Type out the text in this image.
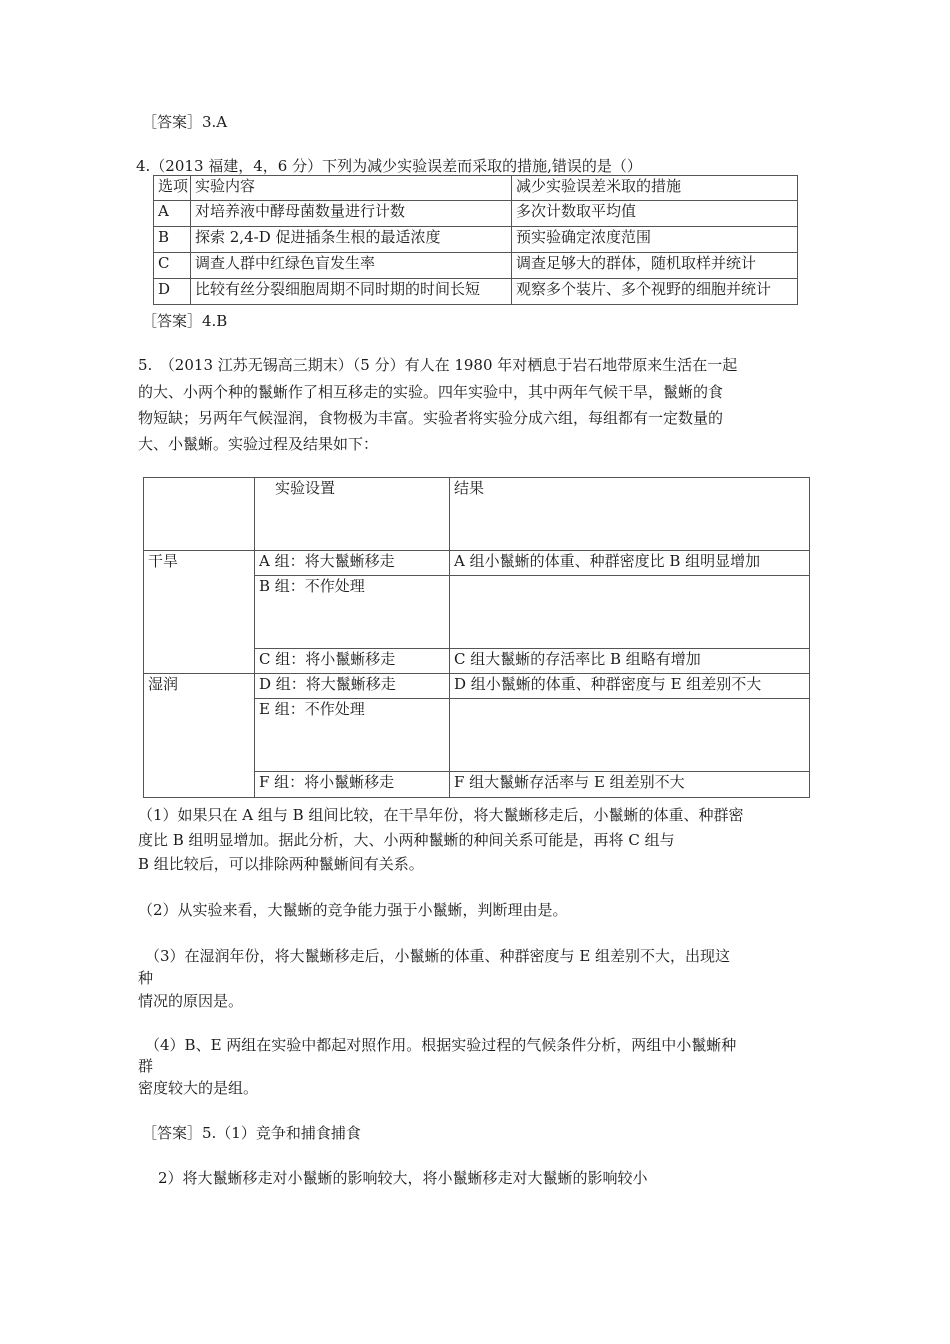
［答案］3.A
4.（2013 福建，4，6 分）下列为减少实验误差而采取的措施,错误的是（）
选项	实验内容	减少实验误差米取的措施
A	对培养液中酵母菌数量进行计数	多次计数取平均值
B	探索 2,4-D 促进插条生根的最适浓度	预实验确定浓度范围
C	调查人群中红绿色盲发生率	调查足够大的群体，随机取样并统计
D	比较有丝分裂细胞周期不同时期的时间长短	观察多个装片、多个视野的细胞并统计
［答案］4.B
5.　（2013 江苏无锡高三期末）（5 分）有人在 1980 年对栖息于岩石地带原来生活在一起
的大、小两个种的鬣蜥作了相互移走的实验。四年实验中，其中两年气候干旱，鬣蜥的食
物短缺；另两年气候湿润，食物极为丰富。实验者将实验分成六组，每组都有一定数量的
大、小鬣蜥。实验过程及结果如下：
	实验设置	结果
干旱	A 组：将大鬣蜥移走	A 组小鬣蜥的体重、种群密度比 B 组明显增加
	B 组：不作处理	
	C 组：将小鬣蜥移走	C 组大鬣蜥的存活率比 B 组略有增加
湿润	D 组：将大鬣蜥移走	D 组小鬣蜥的体重、种群密度与 E 组差别不大
	E 组：不作处理	
	F 组：将小鬣蜥移走	F 组大鬣蜥存活率与 E 组差别不大
（1）如果只在 A 组与 B 组间比较，在干旱年份，将大鬣蜥移走后，小鬣蜥的体重、种群密
度比 B 组明显增加。据此分析，大、小两种鬣蜥的种间关系可能是，再将 C 组与
B 组比较后，可以排除两种鬣蜥间有关系。
（2）从实验来看，大鬣蜥的竞争能力强于小鬣蜥，判断理由是。
（3）在湿润年份，将大鬣蜥移走后，小鬣蜥的体重、种群密度与 E 组差别不大，出现这
种
情况的原因是。
（4）B、E 两组在实验中都起对照作用。根据实验过程的气候条件分析，两组中小鬣蜥种
群
密度较大的是组。
［答案］5.（1）竞争和捕食捕食
2）将大鬣蜥移走对小鬣蜥的影响较大，将小鬣蜥移走对大鬣蜥的影响较小
